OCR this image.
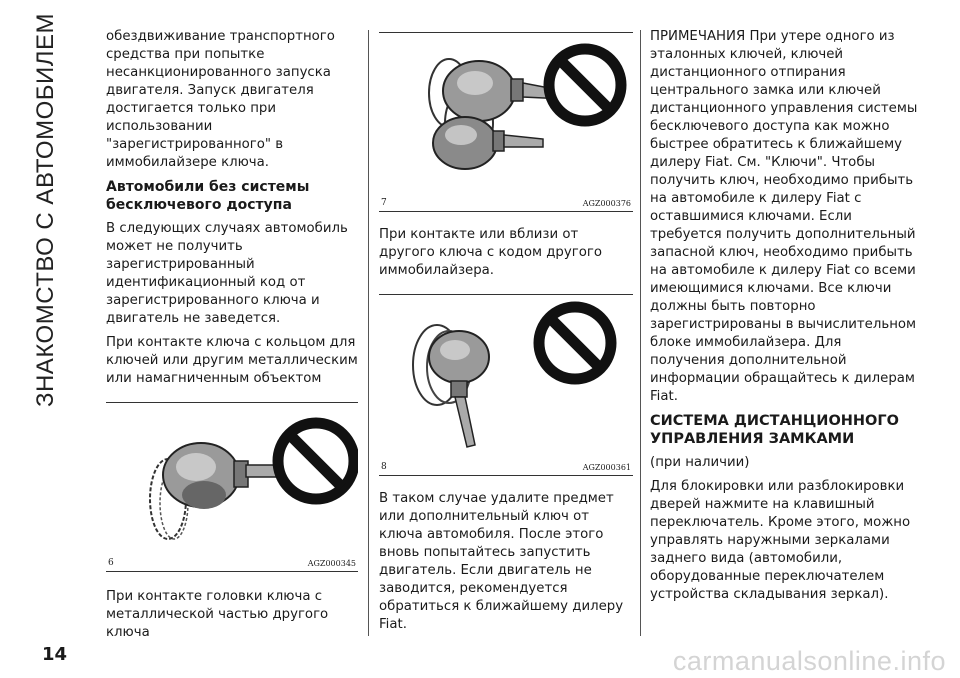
ЗНАКОМСТВО С АВТОМОБИЛЕМ	обездвиживание транспортного средства при попытке несанкционированного запуска двигателя. Запуск двигателя достигается только при использовании "зарегистрированного" в иммобилайзере ключа.

Автомобили без системы бесключевого доступа

В следующих случаях автомобиль может не получить зарегистрированный идентификационный код от зарегистрированного ключа и двигатель не заведется.

При контакте ключа с кольцом для ключей или другим металлическим или намагниченным объектом

6	AGZ000345

При контакте головки ключа с металлической частью другого ключа

7	AGZ000376

При контакте или вблизи от другого ключа с кодом другого иммобилайзера.

8	AGZ000361

В таком случае удалите предмет или дополнительный ключ от ключа автомобиля. После этого вновь попытайтесь запустить двигатель. Если двигатель не заводится, рекомендуется обратиться к ближайшему дилеру Fiat.

ПРИМЕЧАНИЯ При утере одного из эталонных ключей, ключей дистанционного отпирания центрального замка или ключей дистанционного управления системы бесключевого доступа как можно быстрее обратитесь к ближайшему дилеру Fiat. См. "Ключи". Чтобы получить ключ, необходимо прибыть на автомобиле к дилеру Fiat с оставшимися ключами. Если требуется получить дополнительный запасной ключ, необходимо прибыть на автомобиле к дилеру Fiat со всеми имеющимися ключами. Все ключи должны быть повторно зарегистрированы в вычислительном блоке иммобилайзера. Для получения дополнительной информации обращайтесь к дилерам Fiat.

СИСТЕМА ДИСТАНЦИОННОГО УПРАВЛЕНИЯ ЗАМКАМИ

(при наличии)

Для блокировки или разблокировки дверей нажмите на клавишный переключатель. Кроме этого, можно управлять наружными зеркалами заднего вида (автомобили, оборудованные переключателем устройства складывания зеркал).

14	carmanualsonline.info
